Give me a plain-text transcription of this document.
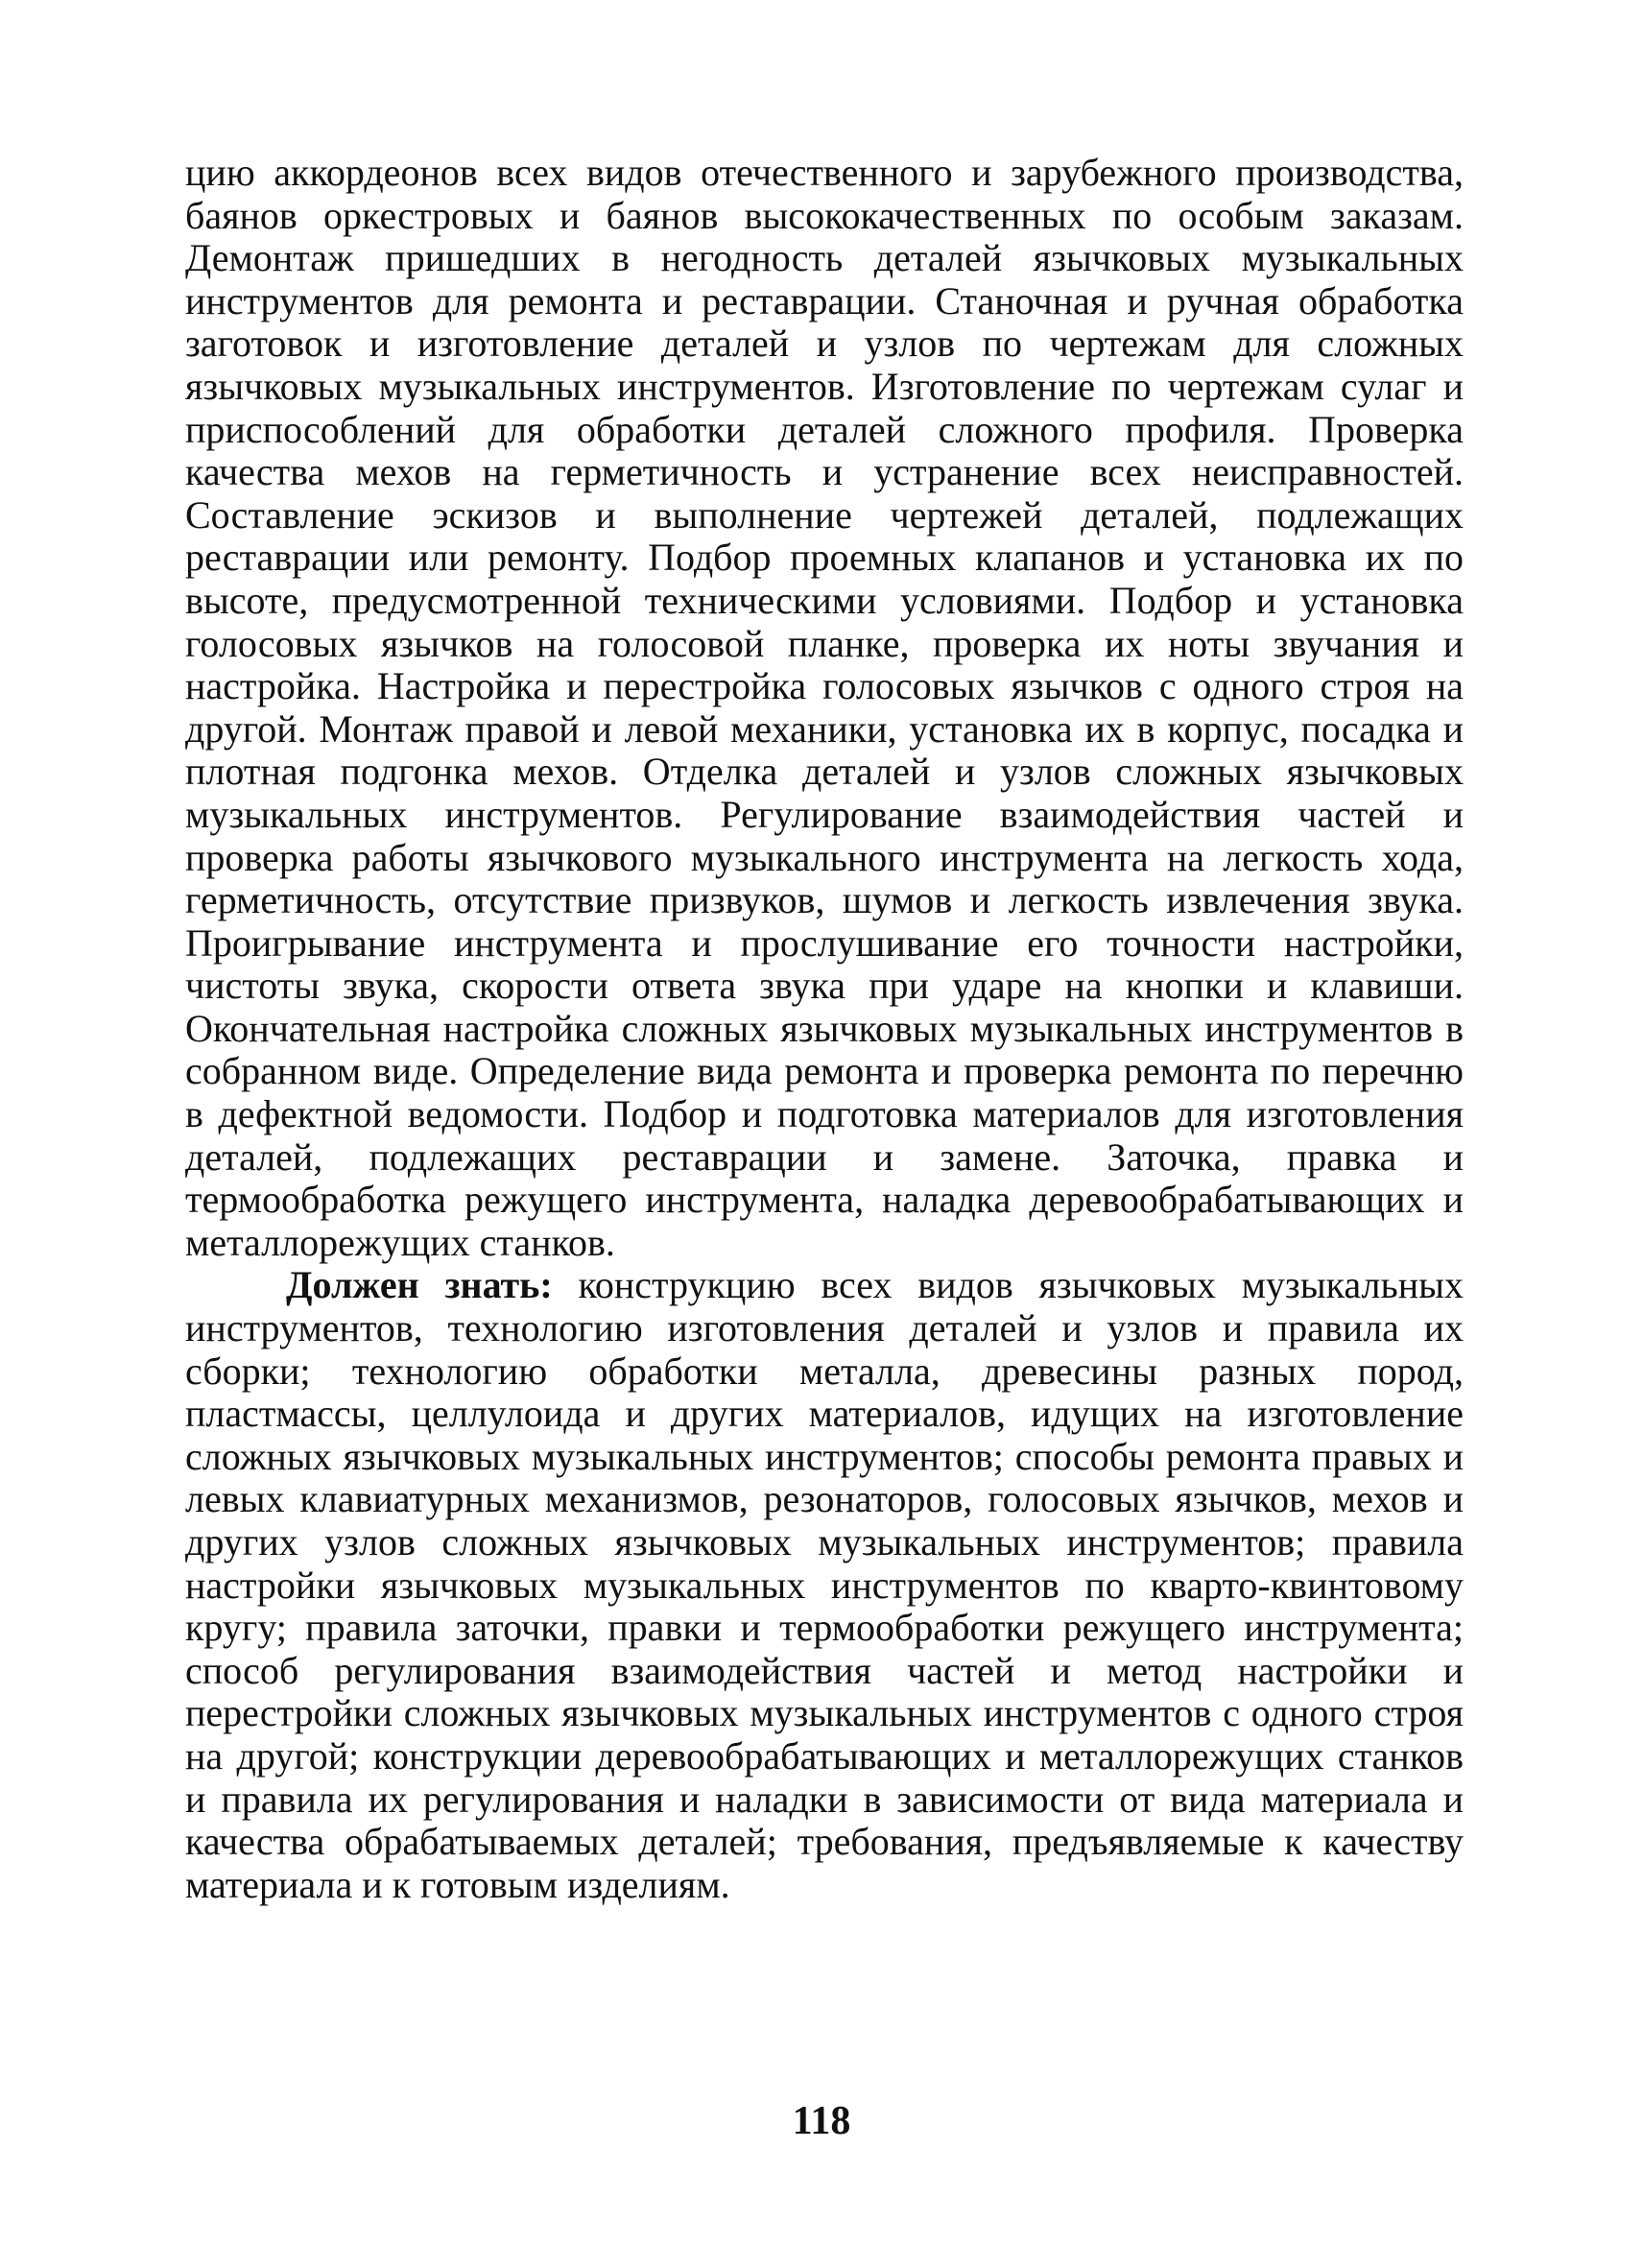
цию аккордеонов всех видов отечественного и зарубежного производства, баянов оркестровых и баянов высококачественных по особым заказам. Демонтаж пришедших в негодность деталей язычковых музыкальных инструментов для ремонта и реставрации. Станочная и ручная обработка заготовок и изготовление деталей и узлов по чертежам для сложных язычковых музыкальных инструментов. Изготовление по чертежам сулаг и приспособлений для обработки деталей сложного профиля. Проверка качества мехов на герметичность и устранение всех неисправностей. Составление эскизов и выполнение чертежей деталей, подлежащих реставрации или ремонту. Подбор проемных клапанов и установка их по высоте, предусмотренной техническими условиями. Подбор и установка голосовых язычков на голосовой планке, проверка их ноты звучания и настройка. Настройка и перестройка голосовых язычков с одного строя на другой. Монтаж правой и левой механики, установка их в корпус, посадка и плотная подгонка мехов. Отделка деталей и узлов сложных язычковых музыкальных инструментов. Регулирование взаимодействия частей и проверка работы язычкового музыкального инструмента на легкость хода, герметичность, отсутствие призвуков, шумов и легкость извлечения звука. Проигрывание инструмента и прослушивание его точности настройки, чистоты звука, скорости ответа звука при ударе на кнопки и клавиши. Окончательная настройка сложных язычковых музыкальных инструментов в собранном виде. Определение вида ремонта и проверка ремонта по перечню в дефектной ведомости. Подбор и подготовка материалов для изготовления деталей, подлежащих реставрации и замене. Заточка, правка и термообработка режущего инструмента, наладка деревообрабатывающих и металлорежущих станков.

Должен знать: конструкцию всех видов язычковых музыкальных инструментов, технологию изготовления деталей и узлов и правила их сборки; технологию обработки металла, древесины разных пород, пластмассы, целлулоида и других материалов, идущих на изготовление сложных язычковых музыкальных инструментов; способы ремонта правых и левых клавиатурных механизмов, резонаторов, голосовых язычков, мехов и других узлов сложных язычковых музыкальных инструментов; правила настройки язычковых музыкальных инструментов по кварто-квинтовому кругу; правила заточки, правки и термообработки режущего инструмента; способ регулирования взаимодействия частей и метод настройки и перестройки сложных язычковых музыкальных инструментов с одного строя на другой; конструкции деревообрабатывающих и металлорежущих станков и правила их регулирования и наладки в зависимости от вида материала и качества обрабатываемых деталей; требования, предъявляемые к качеству материала и к готовым изделиям.

118
